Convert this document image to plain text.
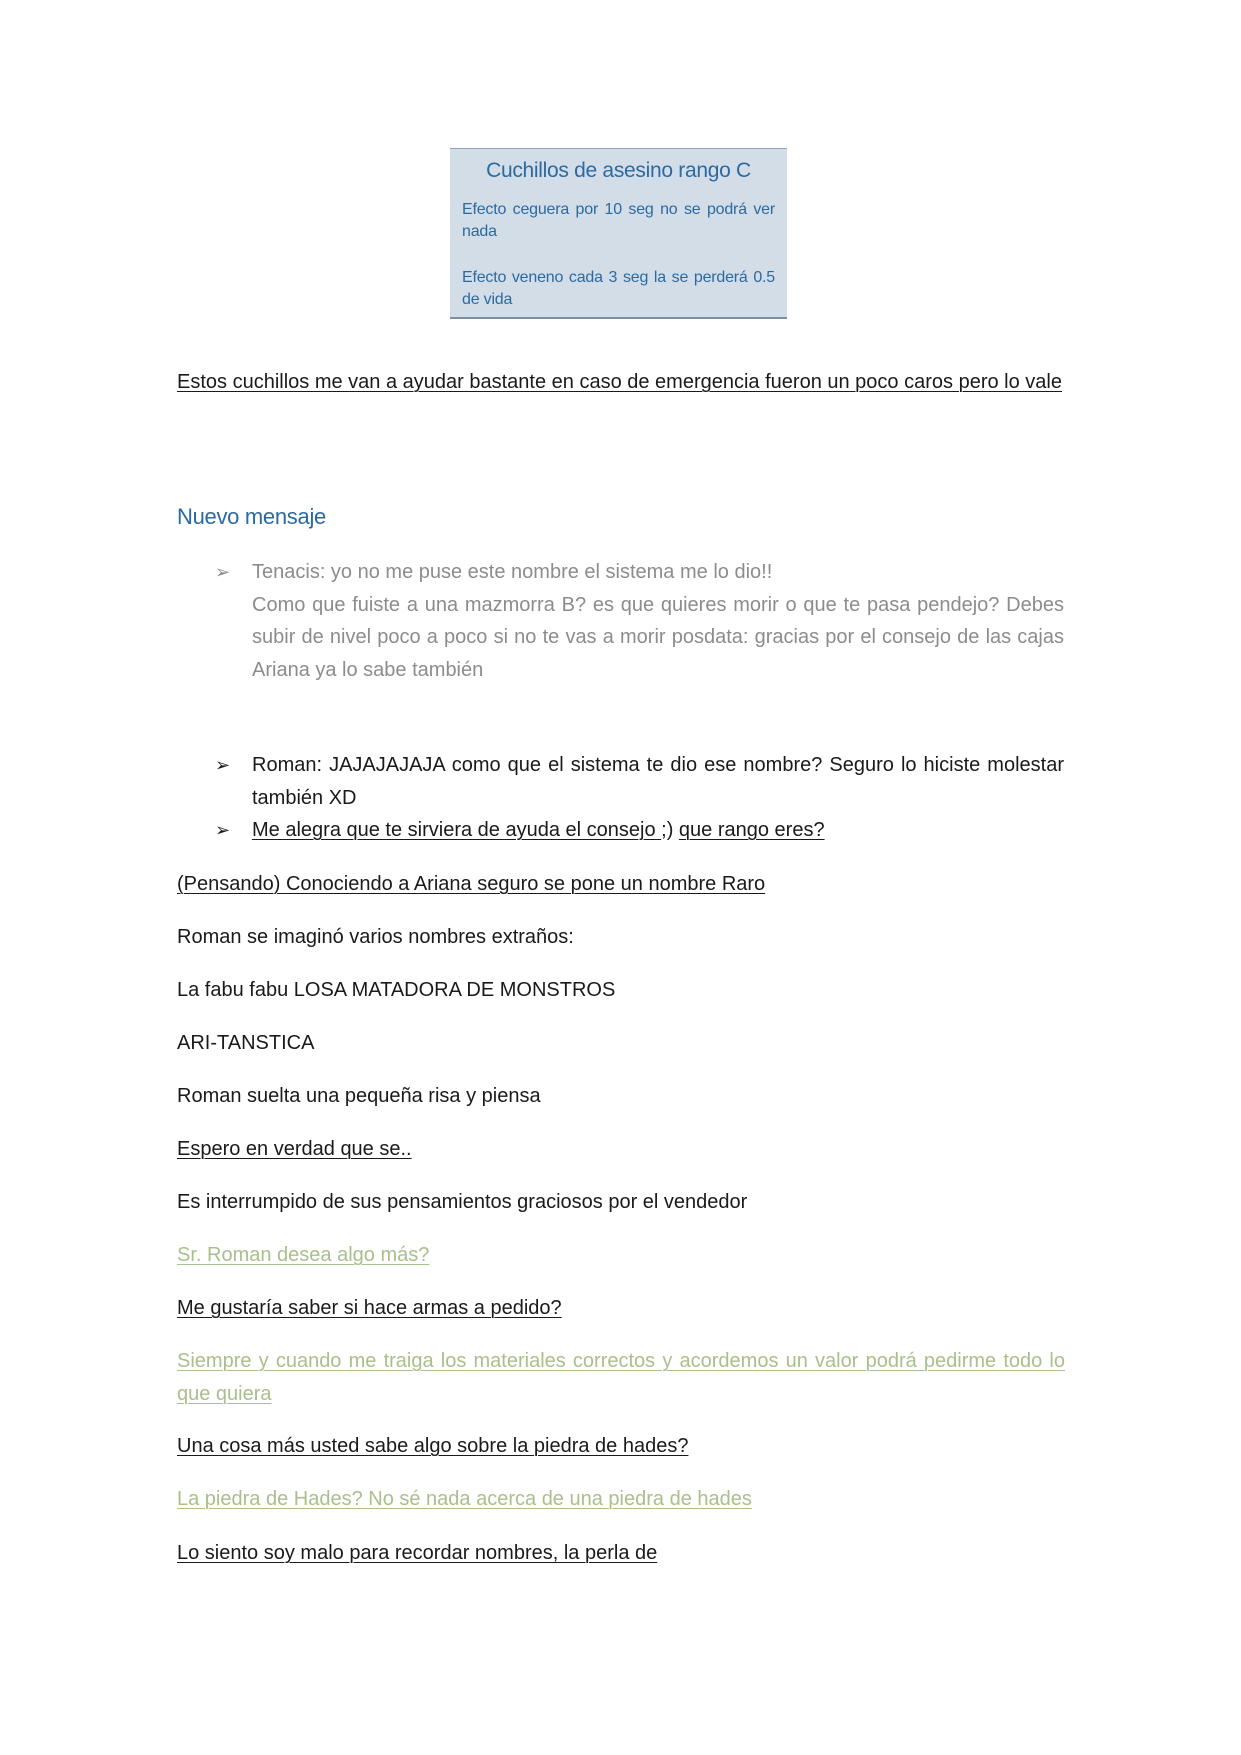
Cuchillos de asesino rango C
Efecto ceguera por 10 seg no se podrá ver nada
Efecto veneno cada 3 seg la se perderá 0.5 de vida
Estos cuchillos me van a ayudar bastante en caso de emergencia fueron un poco caros pero lo vale
Nuevo mensaje
➢ Tenacis: yo no me puse este nombre el sistema me lo dio!!
Como que fuiste a una mazmorra B? es que quieres morir o que te pasa pendejo? Debes subir de nivel poco a poco si no te vas a morir posdata: gracias por el consejo de las cajas Ariana ya lo sabe también
➢ Roman: JAJAJAJAJA como que el sistema te dio ese nombre? Seguro lo hiciste molestar también XD
➢ Me alegra que te sirviera de ayuda el consejo ;) que rango eres?
(Pensando) Conociendo a Ariana seguro se pone un nombre Raro
Roman se imaginó varios nombres extraños:
La fabu fabu LOSA MATADORA DE MONSTROS
ARI-TANSTICA
Roman suelta una pequeña risa y piensa
Espero en verdad que se..
Es interrumpido de sus pensamientos graciosos por el vendedor
Sr. Roman desea algo más?
Me gustaría saber si hace armas a pedido?
Siempre y cuando me traiga los materiales correctos y acordemos un valor podrá pedirme todo lo que quiera
Una cosa más usted sabe algo sobre la piedra de hades?
La piedra de Hades? No sé nada acerca de una piedra de hades
Lo siento soy malo para recordar nombres, la perla de
